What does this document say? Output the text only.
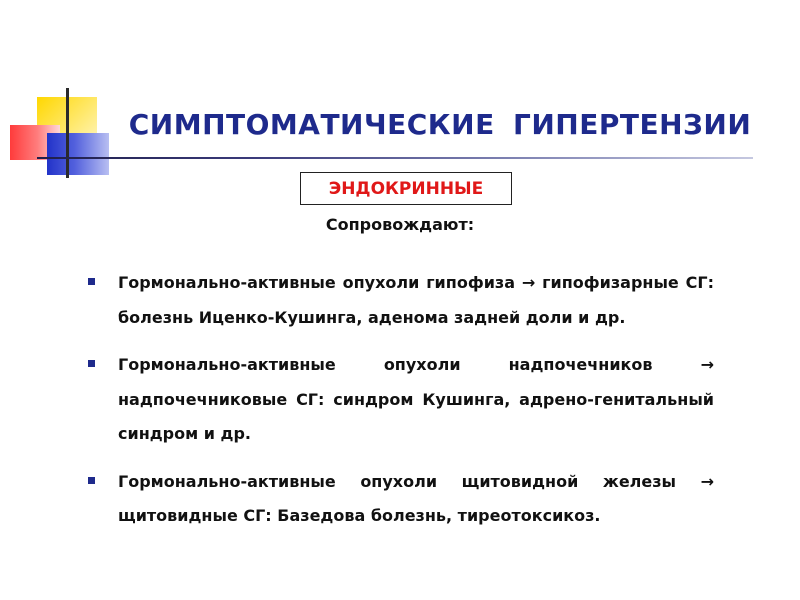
СИМПТОМАТИЧЕСКИЕ ГИПЕРТЕНЗИИ
ЭНДОКРИННЫЕ
Сопровождают:
Гормонально-активные опухоли гипофиза → гипофизарные СГ: болезнь Иценко-Кушинга, аденома задней доли и др.
Гормонально-активные опухоли надпочечников → надпочечниковые СГ: синдром Кушинга, адрено-генитальный синдром и др.
Гормонально-активные опухоли щитовидной железы → щитовидные СГ: Базедова болезнь, тиреотоксикоз.
